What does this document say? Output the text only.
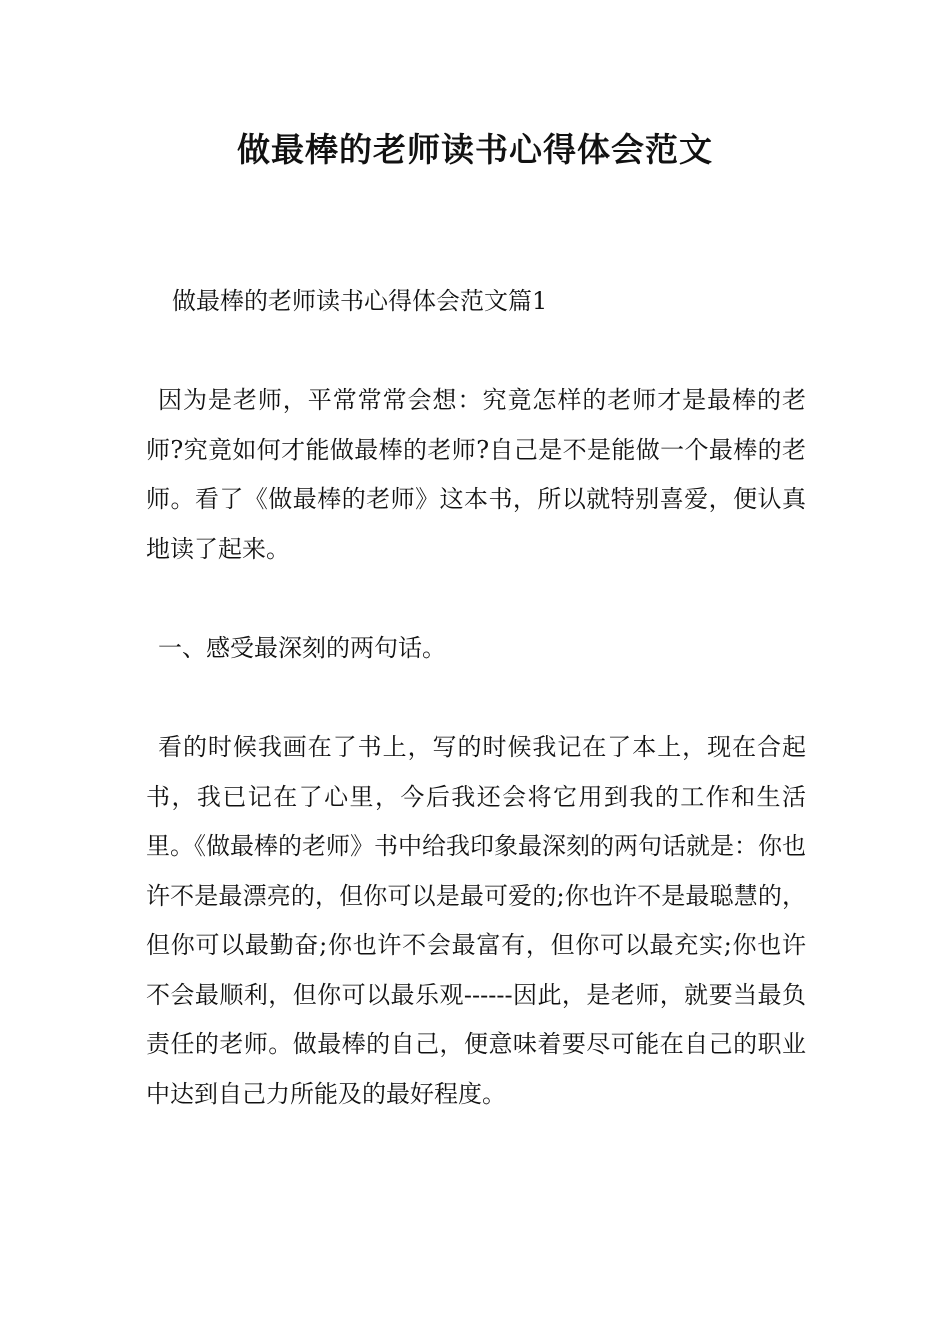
做最棒的老师读书心得体会范文

做最棒的老师读书心得体会范文篇1

因为是老师，平常常常会想：究竟怎样的老师才是最棒的老师?究竟如何才能做最棒的老师?自己是不是能做一个最棒的老师。看了《做最棒的老师》这本书，所以就特别喜爱，便认真地读了起来。

一、感受最深刻的两句话。

看的时候我画在了书上，写的时候我记在了本上，现在合起书，我已记在了心里，今后我还会将它用到我的工作和生活里。《做最棒的老师》书中给我印象最深刻的两句话就是：你也许不是最漂亮的，但你可以是最可爱的;你也许不是最聪慧的，但你可以最勤奋;你也许不会最富有，但你可以最充实;你也许不会最顺利，但你可以最乐观------因此，是老师，就要当最负责任的老师。做最棒的自己，便意味着要尽可能在自己的职业中达到自己力所能及的最好程度。
